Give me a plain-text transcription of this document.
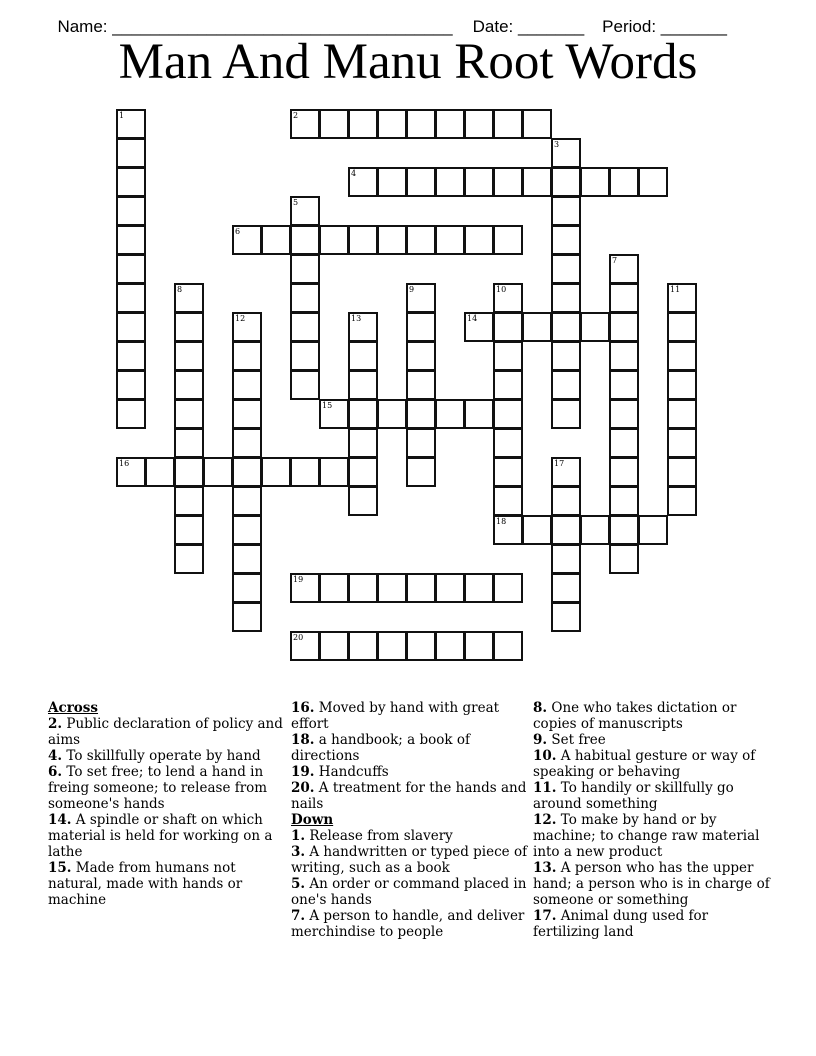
Name: ____________________________________ Date: _______ Period: _______

Man And Manu Root Words
1	2
3
4
5
6
7
8	9	10
18
11
12	13	14
15
16	17
19
20
Across
2. Public declaration of policy and aims
4. To skillfully operate by hand
6. To set free; to lend a hand in freing someone; to release from someone's hands
14. A spindle or shaft on which material is held for working on a lathe
15. Made from humans not natural, made with hands or machine
16. Moved by hand with great effort
18. a handbook; a book of directions
19. Handcuffs
20. A treatment for the hands and nails
Down
1. Release from slavery
3. A handwritten or typed piece of writing, such as a book
5. An order or command placed in one's hands
7. A person to handle, and deliver merchindise to people
8. One who takes dictation or copies of manuscripts
9. Set free
10. A habitual gesture or way of speaking or behaving
11. To handily or skillfully go around something
12. To make by hand or by machine; to change raw material into a new product
13. A person who has the upper hand; a person who is in charge of someone or something
17. Animal dung used for fertilizing land
